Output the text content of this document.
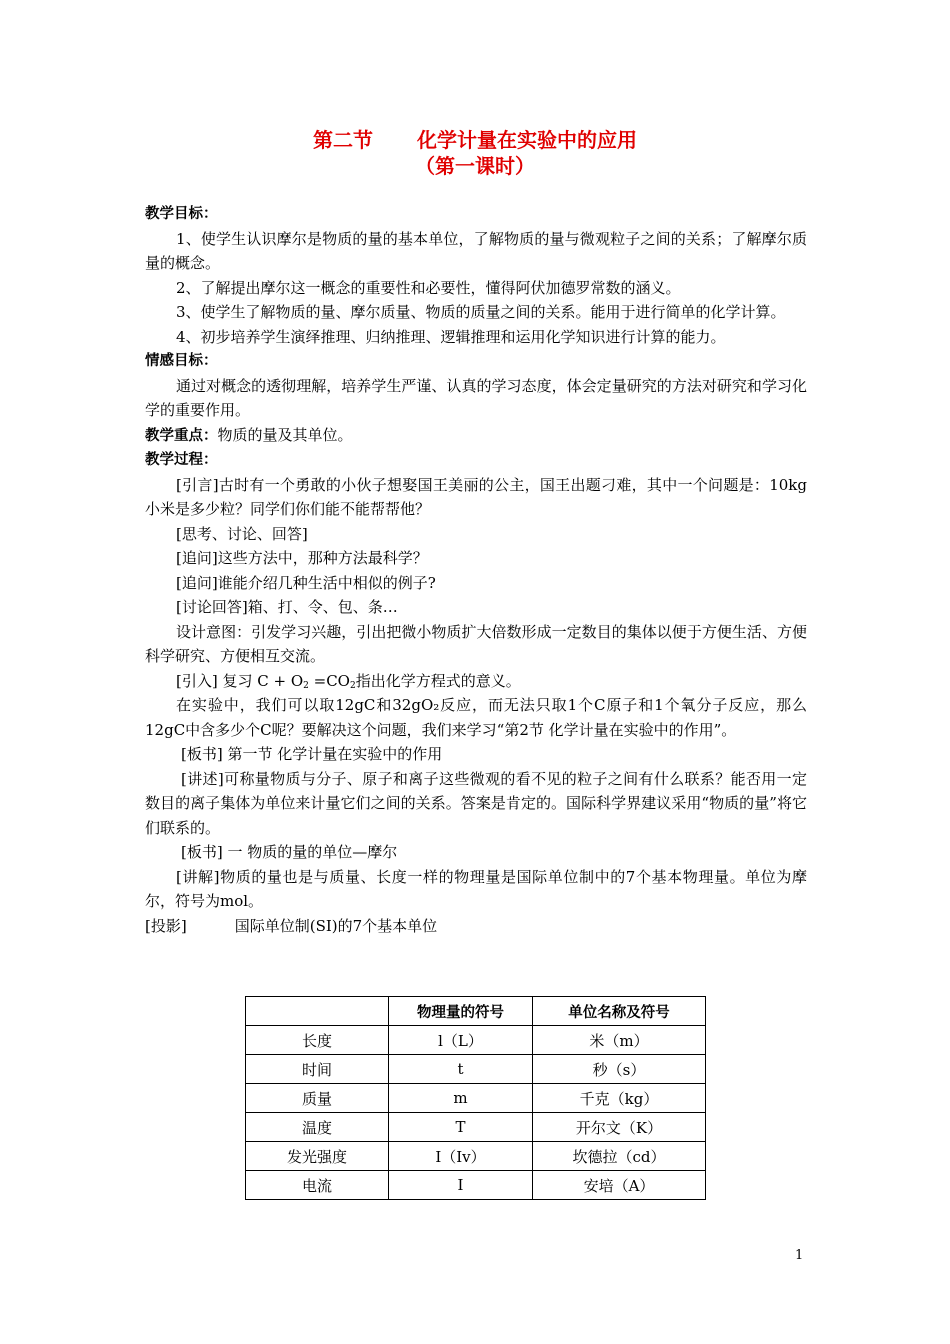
第二节 化学计量在实验中的应用
（第一课时）

教学目标：

1、使学生认识摩尔是物质的量的基本单位，了解物质的量与微观粒子之间的关系；了解摩尔质量的概念。

2、了解提出摩尔这一概念的重要性和必要性，懂得阿伏加德罗常数的涵义。

3、使学生了解物质的量、摩尔质量、物质的质量之间的关系。能用于进行简单的化学计算。

4、初步培养学生演绎推理、归纳推理、逻辑推理和运用化学知识进行计算的能力。

情感目标：

通过对概念的透彻理解，培养学生严谨、认真的学习态度，体会定量研究的方法对研究和学习化学的重要作用。

教学重点：物质的量及其单位。

教学过程：

[引言]古时有一个勇敢的小伙子想娶国王美丽的公主，国王出题刁难，其中一个问题是：10kg小米是多少粒？同学们你们能不能帮帮他？

[思考、讨论、回答]

[追问]这些方法中，那种方法最科学？

[追问]谁能介绍几种生活中相似的例子?

[讨论回答]箱、打、令、包、条…

设计意图：引发学习兴趣，引出把微小物质扩大倍数形成一定数目的集体以便于方便生活、方便科学研究、方便相互交流。

[引入] 复习 $C + O_2 =CO_2$指出化学方程式的意义。

在实验中，我们可以取12gC和32gO₂反应，而无法只取1个C原子和1个氧分子反应，那么12gC中含多少个C呢？要解决这个问题，我们来学习“第2节 化学计量在实验中的作用”。

[板书] 第一节 化学计量在实验中的作用

[讲述]可称量物质与分子、原子和离子这些微观的看不见的粒子之间有什么联系？能否用一定数目的离子集体为单位来计量它们之间的关系。答案是肯定的。国际科学界建议采用“物质的量”将它们联系的。

[板书] 一 物质的量的单位—摩尔

[讲解]物质的量也是与质量、长度一样的物理量是国际单位制中的7个基本物理量。单位为摩尔，符号为mol。

[投影]	国际单位制(SI)的7个基本单位

	物理量的符号	单位名称及符号
长度	l（L）	米（m）
时间	t	秒（s）
质量	m	千克（kg）
温度	T	开尔文（K）
发光强度	I（Iv）	坎德拉（cd）
电流	I	安培（A）
1
